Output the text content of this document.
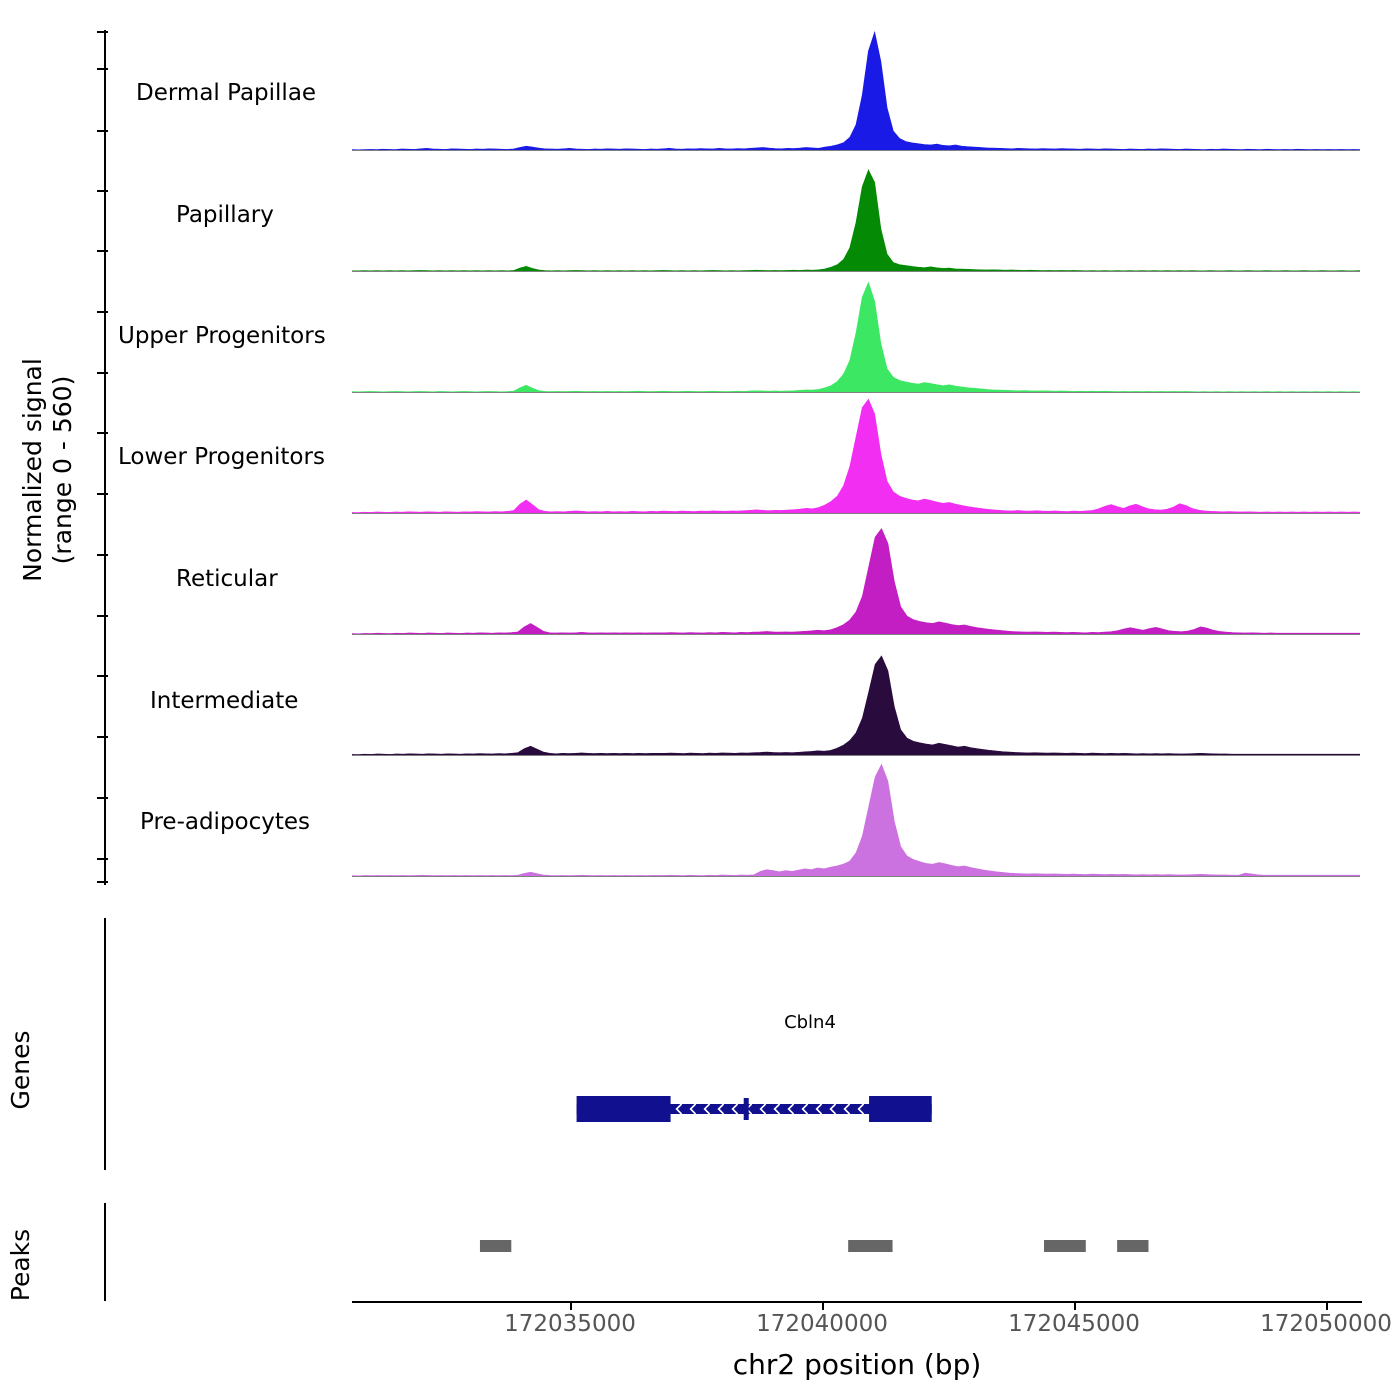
Normalized signal
(range 0 - 560)
Genes
Peaks
Dermal Papillae
Papillary
Upper Progenitors
Lower Progenitors
Reticular
Intermediate
Pre-adipocytes
Cbln4
172035000	172040000	172045000	172050000
chr2 position (bp)
